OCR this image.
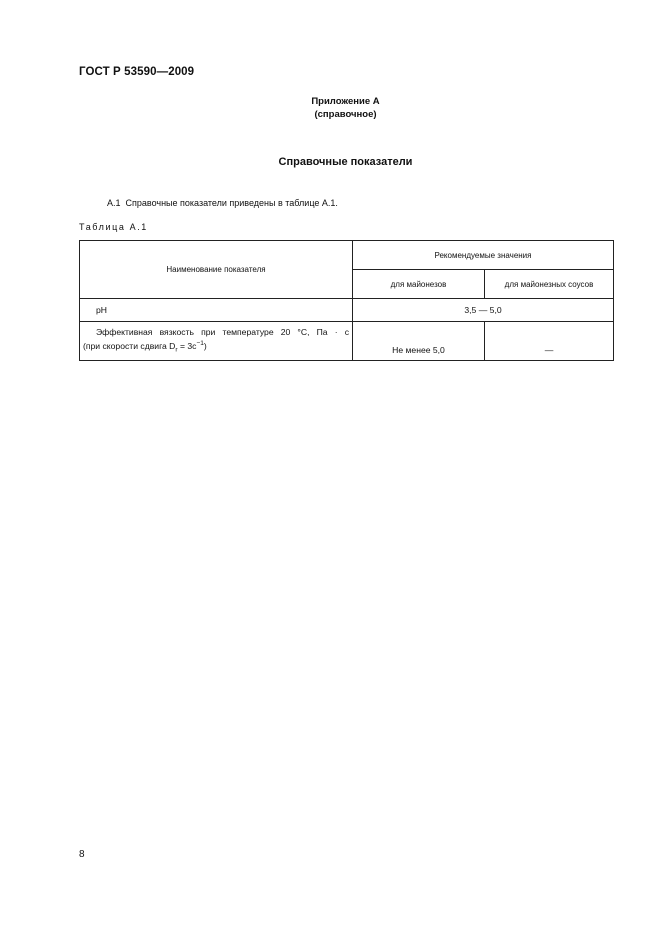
ГОСТ Р 53590—2009
Приложение А
(справочное)
Справочные показатели
А.1 Справочные показатели приведены в таблице А.1.
Таблица А.1
Наименование показателя	Рекомендуемые значения	
	для майонезов	для майонезных соусов
pH	3,5 — 5,0	

Эффективная вязкость при температуре 20 °С, Па · с
(при скорости сдвига $D_r = 3с^{-1}$)	Не менее 5,0	—
8
